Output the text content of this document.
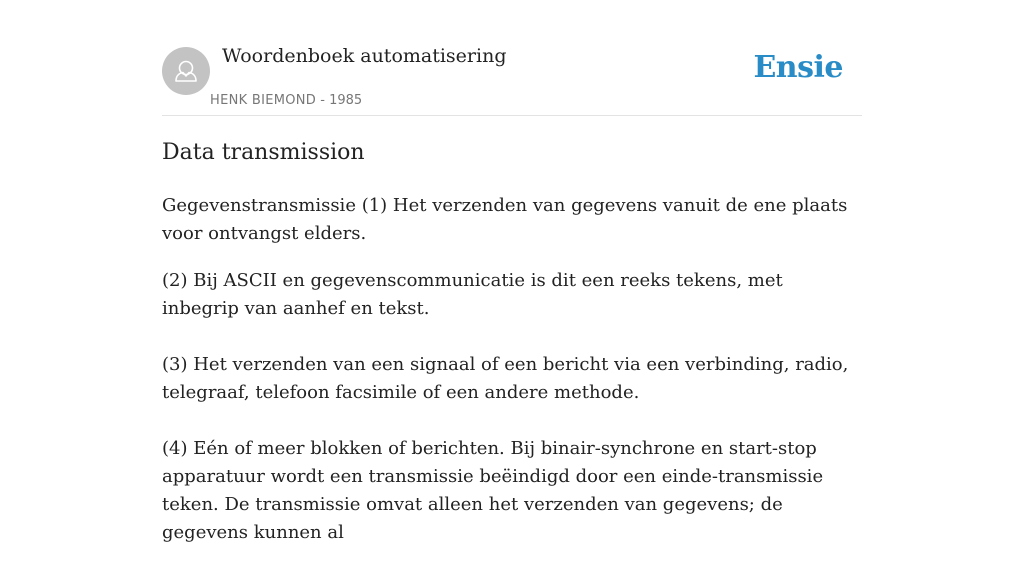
Woordenboek automatisering
HENK BIEMOND - 1985
Ensie
Data transmission

Gegevenstransmissie (1) Het verzenden van gegevens vanuit de ene plaats voor ontvangst elders.

(2) Bij ASCII en gegevenscommunicatie is dit een reeks tekens, met inbegrip van aanhef en tekst.

(3) Het verzenden van een signaal of een bericht via een verbinding, radio, telegraaf, telefoon facsimile of een andere methode.

(4) Eén of meer blokken of berichten. Bij binair-synchrone en start-stop apparatuur wordt een transmissie beëindigd door een einde-transmissie teken. De transmissie omvat alleen het verzenden van gegevens; de gegevens kunnen al
